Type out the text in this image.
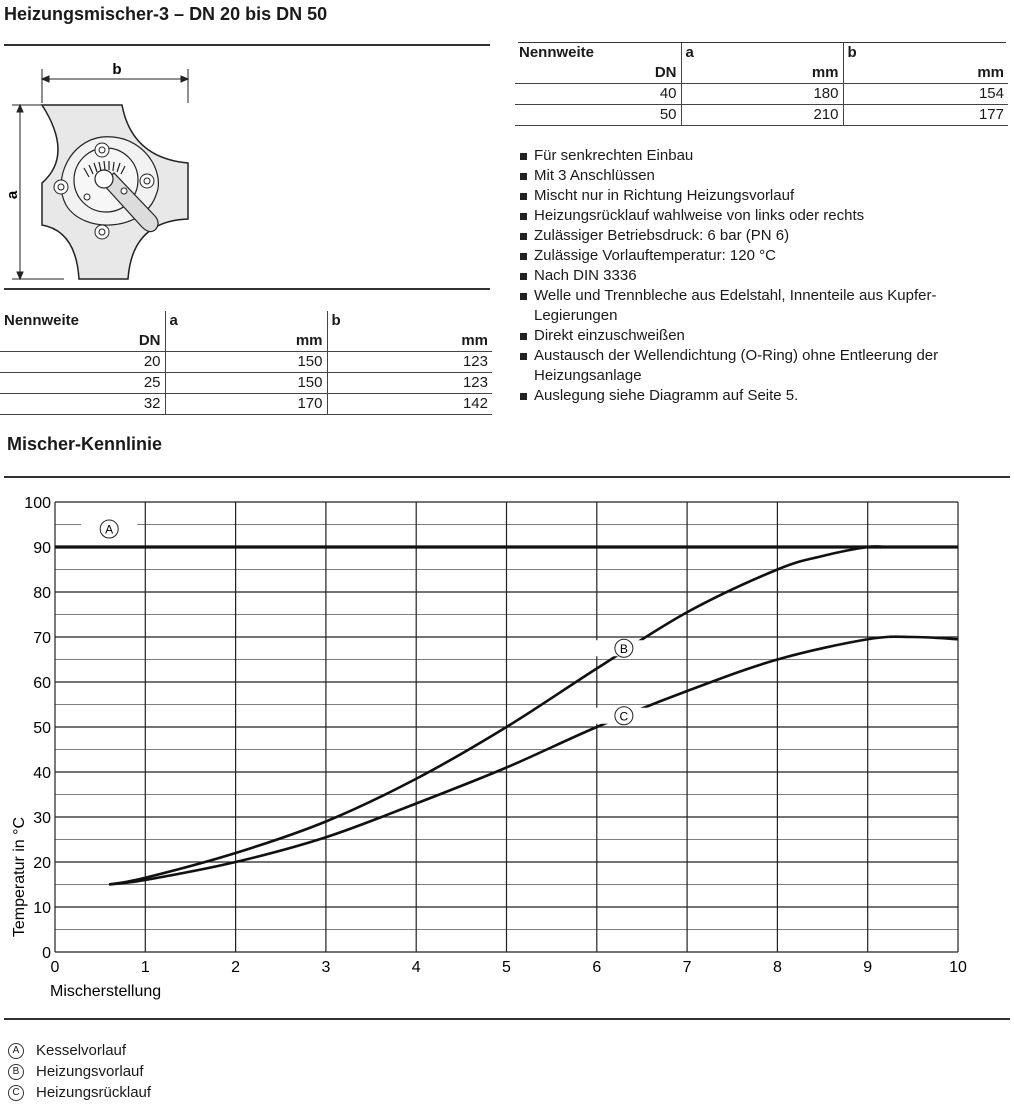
Heizungsmischer-3 – DN 20 bis DN 50
b
a
Nennweite	a	b
DN	mm	mm
20	150	123
25	150	123
32	170	142
Nennweite	a	b
DN	mm	mm
40	180	154
50	210	177
Für senkrechten Einbau
Mit 3 Anschlüssen
Mischt nur in Richtung Heizungsvorlauf
Heizungsrücklauf wahlweise von links oder rechts
Zulässiger Betriebsdruck: 6 bar (PN 6)
Zulässige Vorlauftemperatur: 120 °C
Nach DIN 3336
Welle und Trennbleche aus Edelstahl, Innenteile aus Kupfer-Legierungen
Direkt einzuschweißen
Austausch der Wellendichtung (O-Ring) ohne Entleerung der Heizungsanlage
Auslegung siehe Diagramm auf Seite 5.
Mischer-Kennlinie
0
10
20
30
40
50
60
70
80
90
100
0	1	2	3	4	5	6	7	8	9	10
A
B
C
Mischerstellung
Temperatur in °C
A Kesselvorlauf
B Heizungsvorlauf
C Heizungsrücklauf
